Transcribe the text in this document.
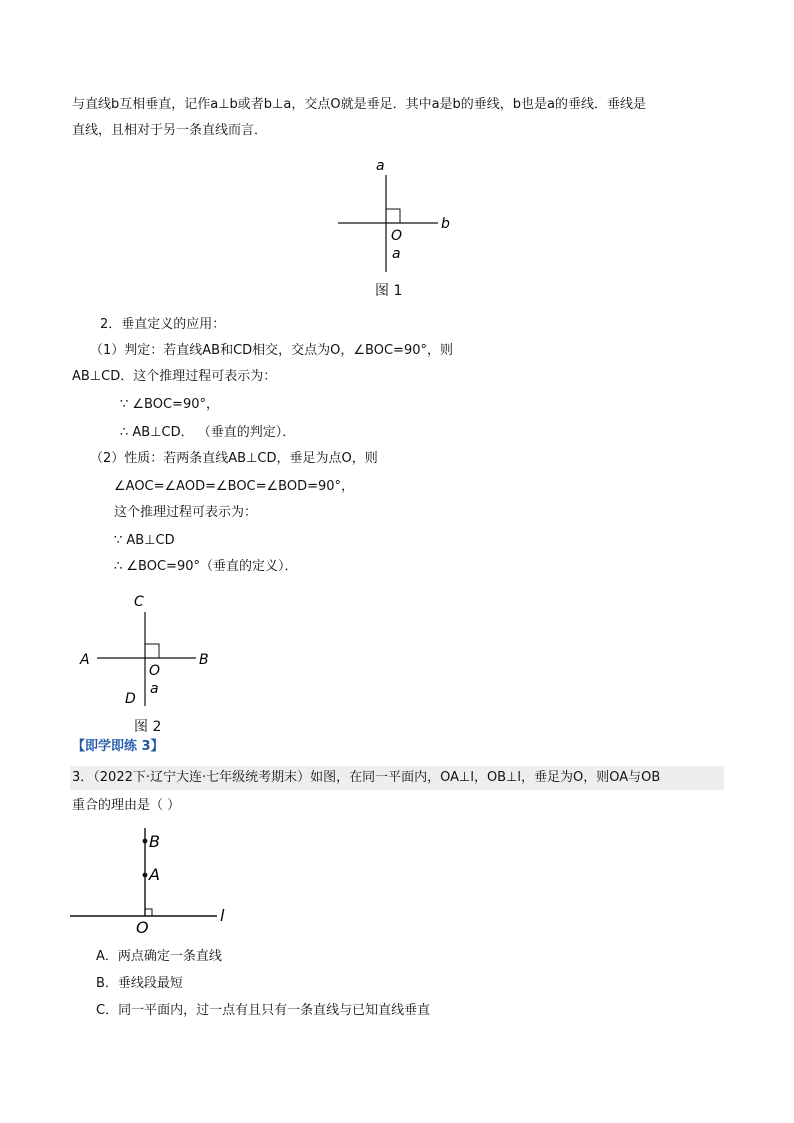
与直线b互相垂直，记作a⊥b或者b⊥a，交点O就是垂足．其中a是b的垂线，b也是a的垂线．垂线是
直线，且相对于另一条直线而言．
a
b
O
a
图 1
2．垂直定义的应用：
（1）判定：若直线AB和CD相交，交点为O，∠BOC=90°，则
AB⊥CD．这个推理过程可表示为：
∵ ∠BOC=90°，
∴ AB⊥CD． （垂直的判定）．
（2）性质：若两条直线AB⊥CD，垂足为点O，则
∠AOC=∠AOD=∠BOC=∠BOD=90°，
这个推理过程可表示为：
∵ AB⊥CD
∴ ∠BOC=90°（垂直的定义）．
C
A	B
O
D
a
图 2
【即学即练 3】
3．（2022下·辽宁大连·七年级统考期末）如图，在同一平面内，OA⊥l，OB⊥l，垂足为O，则OA与OB
重合的理由是（ ）
B
A
O
l
A．两点确定一条直线
B．垂线段最短
C．同一平面内，过一点有且只有一条直线与已知直线垂直
